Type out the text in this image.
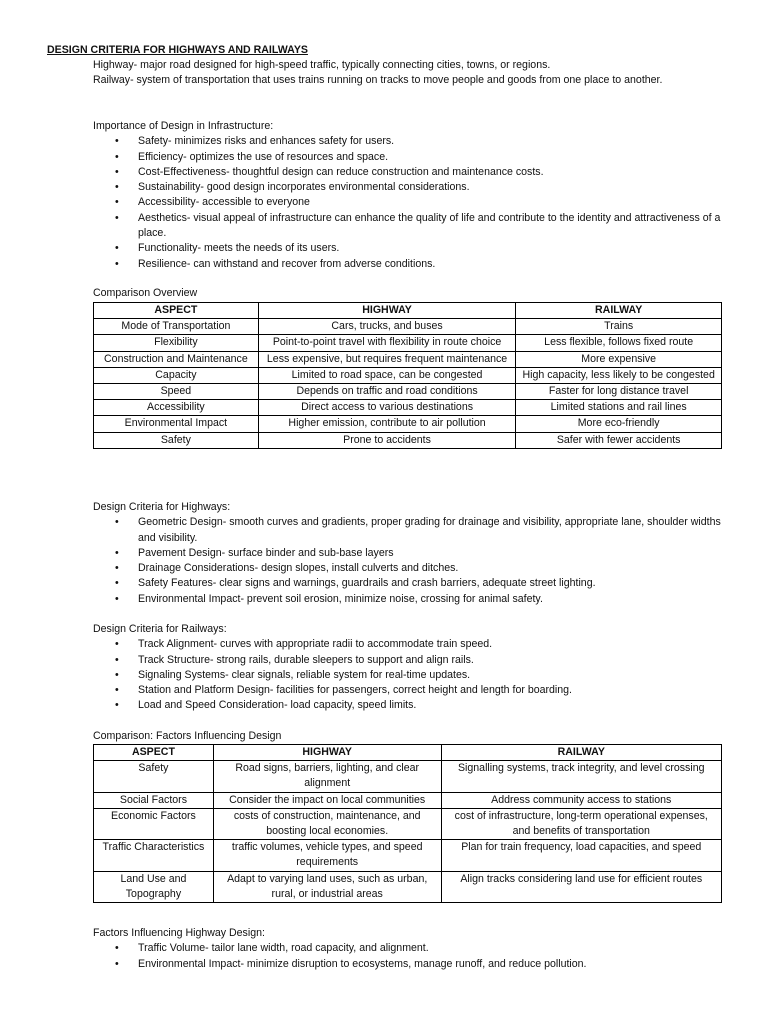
DESIGN CRITERIA FOR HIGHWAYS AND RAILWAYS

Highway- major road designed for high-speed traffic, typically connecting cities, towns, or regions.

Railway- system of transportation that uses trains running on tracks to move people and goods from one place to another.

Importance of Design in Infrastructure:

• Safety- minimizes risks and enhances safety for users.
• Efficiency- optimizes the use of resources and space.
• Cost-Effectiveness- thoughtful design can reduce construction and maintenance costs.
• Sustainability- good design incorporates environmental considerations.
• Accessibility- accessible to everyone
• Aesthetics- visual appeal of infrastructure can enhance the quality of life and contribute to the identity and attractiveness of a place.
• Functionality- meets the needs of its users.
• Resilience- can withstand and recover from adverse conditions.
Comparison Overview
ASPECT	HIGHWAY	RAILWAY
Mode of Transportation	Cars, trucks, and buses	Trains
Flexibility	Point-to-point travel with flexibility in route choice	Less flexible, follows fixed route
Construction and Maintenance	Less expensive, but requires frequent maintenance	More expensive
Capacity	Limited to road space, can be congested	High capacity, less likely to be congested
Speed	Depends on traffic and road conditions	Faster for long distance travel
Accessibility	Direct access to various destinations	Limited stations and rail lines
Environmental Impact	Higher emission, contribute to air pollution	More eco-friendly
Safety	Prone to accidents	Safer with fewer accidents

Design Criteria for Highways:

• Geometric Design- smooth curves and gradients, proper grading for drainage and visibility, appropriate lane, shoulder widths and visibility.
• Pavement Design- surface binder and sub-base layers
• Drainage Considerations- design slopes, install culverts and ditches.
• Safety Features- clear signs and warnings, guardrails and crash barriers, adequate street lighting.
• Environmental Impact- prevent soil erosion, minimize noise, crossing for animal safety.

Design Criteria for Railways:

• Track Alignment- curves with appropriate radii to accommodate train speed.
• Track Structure- strong rails, durable sleepers to support and align rails.
• Signaling Systems- clear signals, reliable system for real-time updates.
• Station and Platform Design- facilities for passengers, correct height and length for boarding.
• Load and Speed Consideration- load capacity, speed limits.
Comparison: Factors Influencing Design
ASPECT	HIGHWAY	RAILWAY
Safety	Road signs, barriers, lighting, and clear alignment	Signalling systems, track integrity, and level crossing
Social Factors	Consider the impact on local communities	Address community access to stations
Economic Factors	costs of construction, maintenance, and boosting local economies.	cost of infrastructure, long-term operational expenses, and benefits of transportation
Traffic Characteristics	traffic volumes, vehicle types, and speed requirements	Plan for train frequency, load capacities, and speed
Land Use and Topography	Adapt to varying land uses, such as urban, rural, or industrial areas	Align tracks considering land use for efficient routes

Factors Influencing Highway Design:

• Traffic Volume- tailor lane width, road capacity, and alignment.
• Environmental Impact- minimize disruption to ecosystems, manage runoff, and reduce pollution.
